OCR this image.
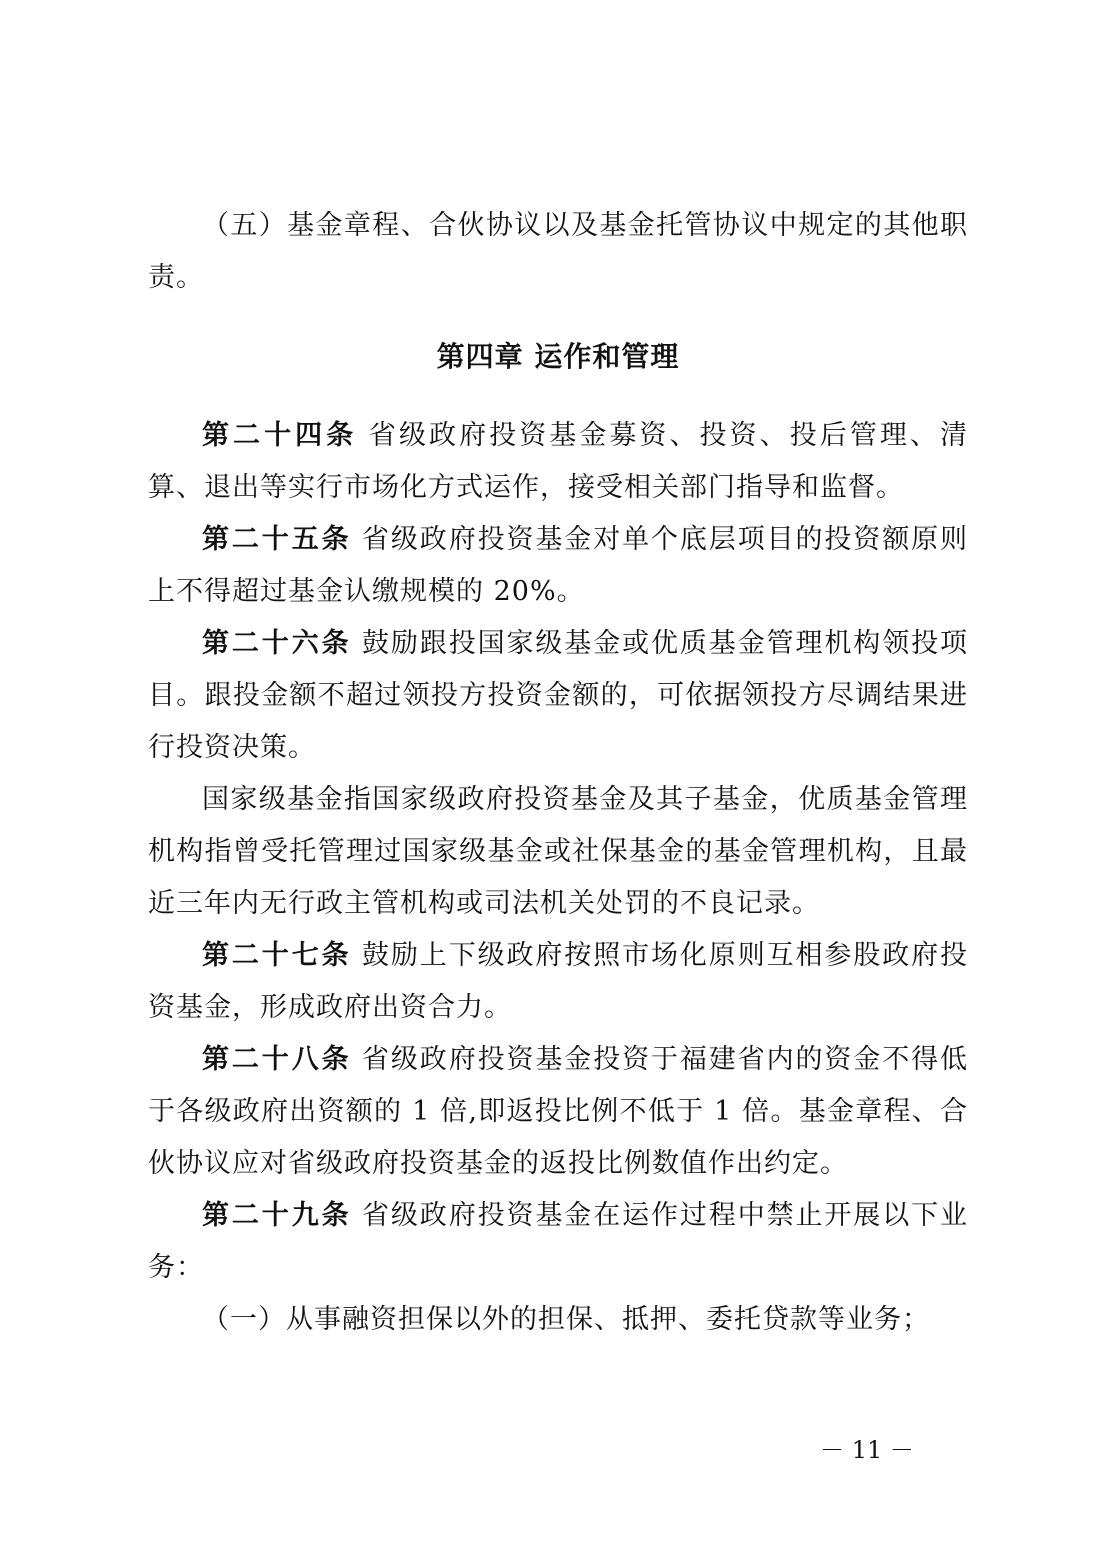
（五）基金章程、合伙协议以及基金托管协议中规定的其他职责。

第四章 运作和管理

第二十四条 省级政府投资基金募资、投资、投后管理、清算、退出等实行市场化方式运作，接受相关部门指导和监督。

第二十五条 省级政府投资基金对单个底层项目的投资额原则上不得超过基金认缴规模的 20%。

第二十六条 鼓励跟投国家级基金或优质基金管理机构领投项目。跟投金额不超过领投方投资金额的，可依据领投方尽调结果进行投资决策。

国家级基金指国家级政府投资基金及其子基金，优质基金管理机构指曾受托管理过国家级基金或社保基金的基金管理机构，且最近三年内无行政主管机构或司法机关处罚的不良记录。

第二十七条 鼓励上下级政府按照市场化原则互相参股政府投资基金，形成政府出资合力。

第二十八条 省级政府投资基金投资于福建省内的资金不得低于各级政府出资额的 1 倍,即返投比例不低于 1 倍。基金章程、合伙协议应对省级政府投资基金的返投比例数值作出约定。

第二十九条 省级政府投资基金在运作过程中禁止开展以下业务：

（一）从事融资担保以外的担保、抵押、委托贷款等业务；

－ 11 －
